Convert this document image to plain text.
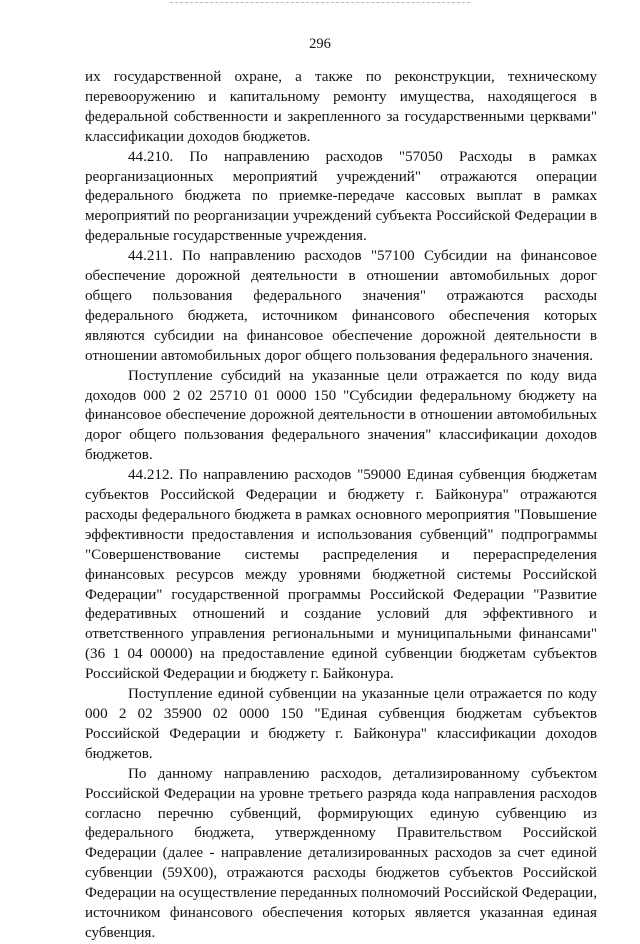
296

их государственной охране, а также по реконструкции, техническому перевооружению и капитальному ремонту имущества, находящегося в федеральной собственности и закрепленного за государственными церквами" классификации доходов бюджетов.

44.210. По направлению расходов "57050 Расходы в рамках реорганизационных мероприятий учреждений" отражаются операции федерального бюджета по приемке-передаче кассовых выплат в рамках мероприятий по реорганизации учреждений субъекта Российской Федерации в федеральные государственные учреждения.

44.211. По направлению расходов "57100 Субсидии на финансовое обеспечение дорожной деятельности в отношении автомобильных дорог общего пользования федерального значения" отражаются расходы федерального бюджета, источником финансового обеспечения которых являются субсидии на финансовое обеспечение дорожной деятельности в отношении автомобильных дорог общего пользования федерального значения.

Поступление субсидий на указанные цели отражается по коду вида доходов 000 2 02 25710 01 0000 150 "Субсидии федеральному бюджету на финансовое обеспечение дорожной деятельности в отношении автомобильных дорог общего пользования федерального значения" классификации доходов бюджетов.

44.212. По направлению расходов "59000 Единая субвенция бюджетам субъектов Российской Федерации и бюджету г. Байконура" отражаются расходы федерального бюджета в рамках основного мероприятия "Повышение эффективности предоставления и использования субвенций" подпрограммы "Совершенствование системы распределения и перераспределения финансовых ресурсов между уровнями бюджетной системы Российской Федерации" государственной программы Российской Федерации "Развитие федеративных отношений и создание условий для эффективного и ответственного управления региональными и муниципальными финансами" (36 1 04 00000) на предоставление единой субвенции бюджетам субъектов Российской Федерации и бюджету г. Байконура.

Поступление единой субвенции на указанные цели отражается по коду 000 2 02 35900 02 0000 150 "Единая субвенция бюджетам субъектов Российской Федерации и бюджету г. Байконура" классификации доходов бюджетов.

По данному направлению расходов, детализированному субъектом Российской Федерации на уровне третьего разряда кода направления расходов согласно перечню субвенций, формирующих единую субвенцию из федерального бюджета, утвержденному Правительством Российской Федерации (далее - направление детализированных расходов за счет единой субвенции (59Х00), отражаются расходы бюджетов субъектов Российской Федерации на осуществление переданных полномочий Российской Федерации, источником финансового обеспечения которых является указанная единая субвенция.
